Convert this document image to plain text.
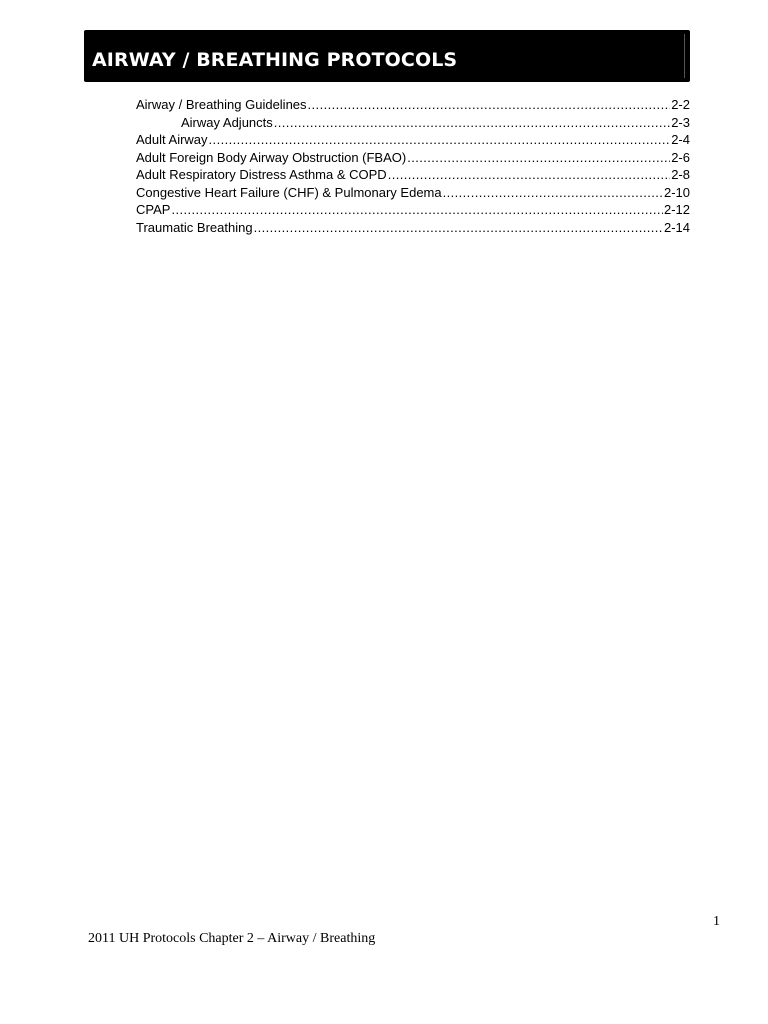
AIRWAY / BREATHING PROTOCOLS
Airway / Breathing Guidelines .....	2-2
Airway Adjuncts .....	2-3
Adult Airway .....	2-4
Adult Foreign Body Airway Obstruction (FBAO) .....	2-6
Adult Respiratory Distress Asthma & COPD .....	2-8
Congestive Heart Failure (CHF) & Pulmonary Edema .....	2-10
CPAP .....	2-12
Traumatic Breathing .....	2-14
1
2011 UH Protocols Chapter 2 – Airway / Breathing
